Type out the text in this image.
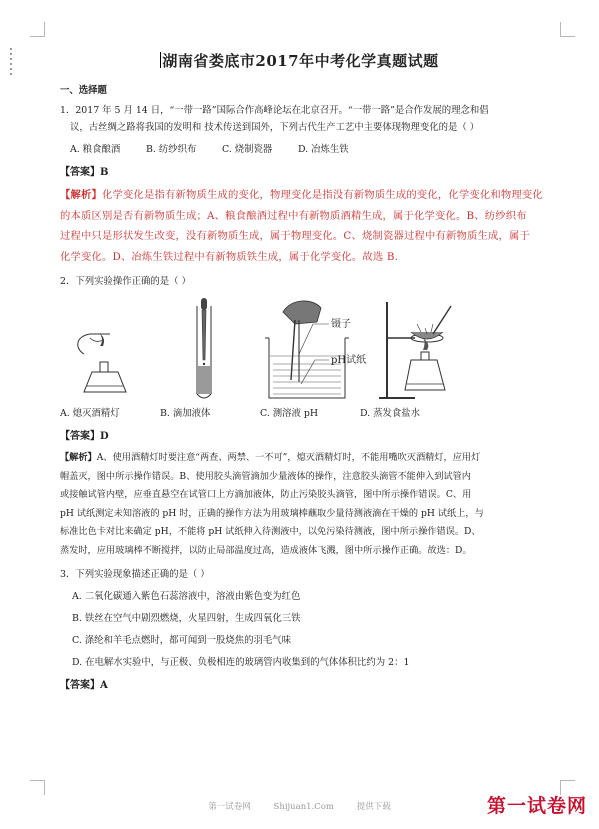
湖南省娄底市2017年中考化学真题试题
一、选择题
1．2017 年 5 月 14 日，“一带一路”国际合作高峰论坛在北京召开。“一带一路”是合作发展的理念和倡
议，古丝绸之路将我国的发明和 技术传送到国外，下列古代生产工艺中主要体现物理变化的是（ ）
A. 粮食酿酒	B. 纺纱织布	C. 烧制瓷器	D. 冶炼生铁
【答案】B
【解析】化学变化是指有新物质生成的变化，物理变化是指没有新物质生成的变化，化学变化和物理变化
的本质区别是否有新物质生成；A、粮食酿酒过程中有新物质酒精生成，属于化学变化。B、纺纱织布
过程中只是形状发生改变，没有新物质生成，属于物理变化。C、烧制瓷器过程中有新物质生成，属于
化学变化。D、冶炼生铁过程中有新物质铁生成，属于化学变化。故选 B.
2．下列实验操作正确的是（ ）
镊子
pH试纸
A. 熄灭酒精灯	B. 滴加液体	C. 测溶液 pH	D. 蒸发食盐水
【答案】D
【解析】A、使用酒精灯时要注意“两查、两禁、一不可”，熄灭酒精灯时，不能用嘴吹灭酒精灯，应用灯
帽盖灭，图中所示操作错误。B、使用胶头滴管滴加少量液体的操作，注意胶头滴管不能伸入到试管内
或接触试管内壁，应垂直悬空在试管口上方滴加液体，防止污染胶头滴管，图中所示操作错误。C、用
pH 试纸测定未知溶液的 pH 时，正确的操作方法为用玻璃棒蘸取少量待测液滴在干燥的 pH 试纸上，与
标准比色卡对比来确定 pH，不能将 pH 试纸伸入待测液中，以免污染待测液，图中所示操作错误。D、
蒸发时，应用玻璃棒不断搅拌，以防止局部温度过高，造成液体飞溅，图中所示操作正确。故选：D。
3．下列实验现象描述正确的是（ ）
A. 二氧化碳通入紫色石蕊溶液中，溶液由紫色变为红色
B. 铁丝在空气中剧烈燃烧，火星四射，生成四氧化三铁
C. 涤纶和羊毛点燃时，都可闻到一股烧焦的羽毛气味
D. 在电解水实验中，与正极、负极相连的玻璃管内收集到的气体体积比约为 2：1
【答案】A
第一试卷网	Shijuan1.Com	提供下载	第一试卷网
